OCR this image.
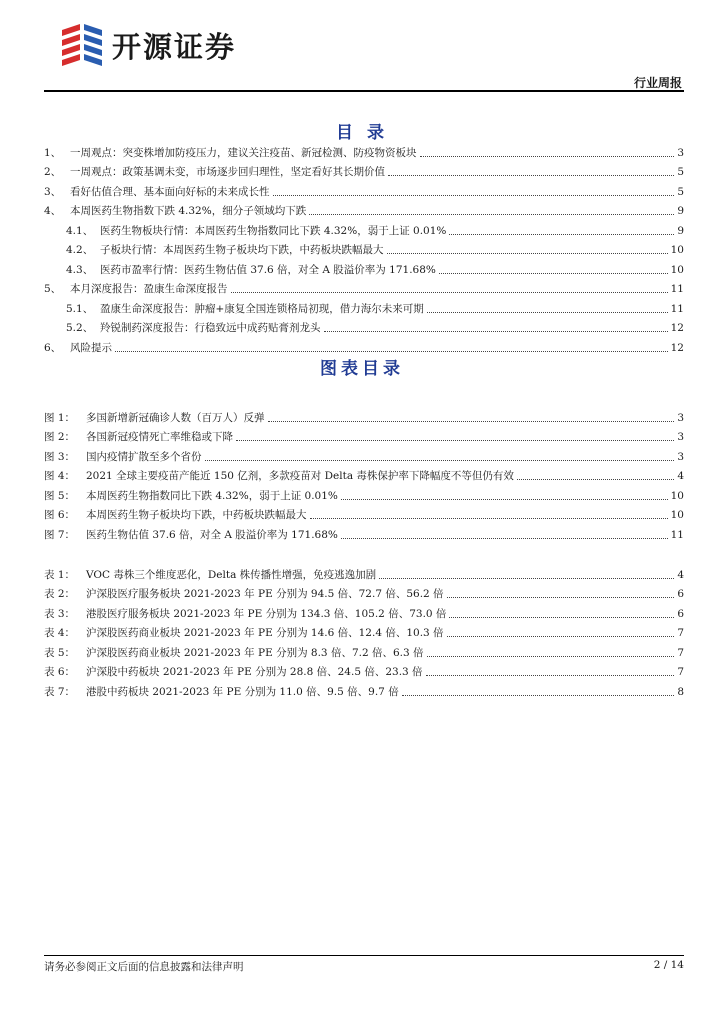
开源证券
行业周报
目 录
1、 一周观点：突变株增加防疫压力，建议关注疫苗、新冠检测、防疫物资板块	3
2、 一周观点：政策基调未变，市场逐步回归理性，坚定看好其长期价值	5
3、 看好估值合理、基本面向好标的未来成长性	5
4、 本周医药生物指数下跌 4.32%，细分子领域均下跌	9
4.1、 医药生物板块行情：本周医药生物指数同比下跌 4.32%，弱于上证 0.01%	9
4.2、 子板块行情：本周医药生物子板块均下跌，中药板块跌幅最大	10
4.3、 医药市盈率行情：医药生物估值 37.6 倍，对全 A 股溢价率为 171.68%	10
5、 本月深度报告：盈康生命深度报告	11
5.1、 盈康生命深度报告：肿瘤+康复全国连锁格局初现，借力海尔未来可期	11
5.2、 羚锐制药深度报告：行稳致远中成药贴膏剂龙头	12
6、 风险提示	12
图表目录
图 1：	多国新增新冠确诊人数（百万人）反弹	3
图 2：	各国新冠疫情死亡率维稳或下降	3
图 3：	国内疫情扩散至多个省份	3
图 4：	2021 全球主要疫苗产能近 150 亿剂，多款疫苗对 Delta 毒株保护率下降幅度不等但仍有效	4
图 5：	本周医药生物指数同比下跌 4.32%，弱于上证 0.01%	10
图 6：	本周医药生物子板块均下跌，中药板块跌幅最大	10
图 7：	医药生物估值 37.6 倍，对全 A 股溢价率为 171.68%	11
表 1：	VOC 毒株三个维度恶化，Delta 株传播性增强，免疫逃逸加剧	4
表 2：	沪深股医疗服务板块 2021-2023 年 PE 分别为 94.5 倍、72.7 倍、56.2 倍	6
表 3：	港股医疗服务板块 2021-2023 年 PE 分别为 134.3 倍、105.2 倍、73.0 倍	6
表 4：	沪深股医药商业板块 2021-2023 年 PE 分别为 14.6 倍、12.4 倍、10.3 倍	7
表 5：	沪深股医药商业板块 2021-2023 年 PE 分别为 8.3 倍、7.2 倍、6.3 倍	7
表 6：	沪深股中药板块 2021-2023 年 PE 分别为 28.8 倍、24.5 倍、23.3 倍	7
表 7：	港股中药板块 2021-2023 年 PE 分别为 11.0 倍、9.5 倍、9.7 倍	8
请务必参阅正文后面的信息披露和法律声明	2 / 14
